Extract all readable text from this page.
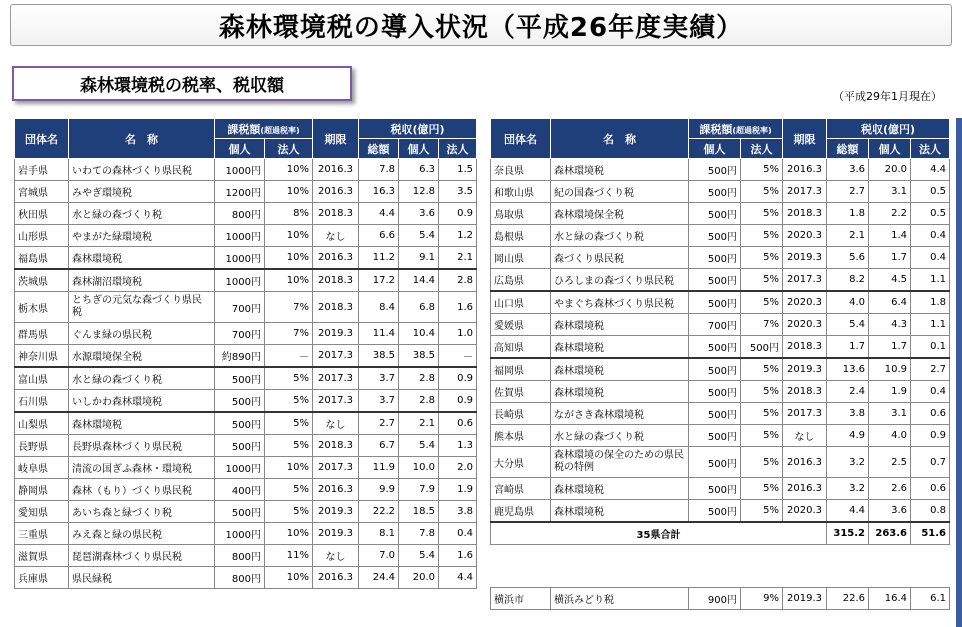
森林環境税の導入状況（平成26年度実績）
森林環境税の税率、税収額
（平成29年1月現在）
団体名	名　称	課税額(超過税率)		期限	税収(億円)		
		個人	法人		総額	個人	法人
岩手県	いわての森林づくり県民税	1000円	10%	2016.3	7.8	6.3	1.5
宮城県	みやぎ環境税	1200円	10%	2016.3	16.3	12.8	3.5
秋田県	水と緑の森づくり税	800円	8%	2018.3	4.4	3.6	0.9
山形県	やまがた緑環境税	1000円	10%	なし	6.6	5.4	1.2
福島県	森林環境税	1000円	10%	2016.3	11.2	9.1	2.1
茨城県	森林湖沼環境税	1000円	10%	2018.3	17.2	14.4	2.8
栃木県	とちぎの元気な森づくり県民税	700円	7%	2018.3	8.4	6.8	1.6
群馬県	ぐんま緑の県民税	700円	7%	2019.3	11.4	10.4	1.0
神奈川県	水源環境保全税	約890円	－	2017.3	38.5	38.5	－
富山県	水と緑の森づくり税	500円	5%	2017.3	3.7	2.8	0.9
石川県	いしかわ森林環境税	500円	5%	2017.3	3.7	2.8	0.9
山梨県	森林環境税	500円	5%	なし	2.7	2.1	0.6
長野県	長野県森林づくり県民税	500円	5%	2018.3	6.7	5.4	1.3
岐阜県	清流の国ぎふ森林・環境税	1000円	10%	2017.3	11.9	10.0	2.0
静岡県	森林（もり）づくり県民税	400円	5%	2016.3	9.9	7.9	1.9
愛知県	あいち森と緑づくり税	500円	5%	2019.3	22.2	18.5	3.8
三重県	みえ森と緑の県民税	1000円	10%	2019.3	8.1	7.8	0.4
滋賀県	琵琶湖森林づくり県民税	800円	11%	なし	7.0	5.4	1.6
兵庫県	県民緑税	800円	10%	2016.3	24.4	20.0	4.4
団体名	名　称	課税額(超過税率)		期限	税収(億円)		
		個人	法人		総額	個人	法人
奈良県	森林環境税	500円	5%	2016.3	3.6	20.0	4.4
和歌山県	紀の国森づくり税	500円	5%	2017.3	2.7	3.1	0.5
鳥取県	森林環境保全税	500円	5%	2018.3	1.8	2.2	0.5
島根県	水と緑の森づくり税	500円	5%	2020.3	2.1	1.4	0.4
岡山県	森づくり県民税	500円	5%	2019.3	5.6	1.7	0.4
広島県	ひろしまの森づくり県民税	500円	5%	2017.3	8.2	4.5	1.1
山口県	やまぐち森林づくり県民税	500円	5%	2020.3	4.0	6.4	1.8
愛媛県	森林環境税	700円	7%	2020.3	5.4	4.3	1.1
高知県	森林環境税	500円	500円	2018.3	1.7	1.7	0.1
福岡県	森林環境税	500円	5%	2019.3	13.6	10.9	2.7
佐賀県	森林環境税	500円	5%	2018.3	2.4	1.9	0.4
長崎県	ながさき森林環境税	500円	5%	2017.3	3.8	3.1	0.6
熊本県	水と緑の森づくり税	500円	5%	なし	4.9	4.0	0.9
大分県	森林環境の保全のための県民税の特例	500円	5%	2016.3	3.2	2.5	0.7
宮崎県	森林環境税	500円	5%	2016.3	3.2	2.6	0.6
鹿児島県	森林環境税	500円	5%	2020.3	4.4	3.6	0.8
35県合計					315.2	263.6	51.6
横浜市	横浜みどり税	900円	9%	2019.3	22.6	16.4	6.1
